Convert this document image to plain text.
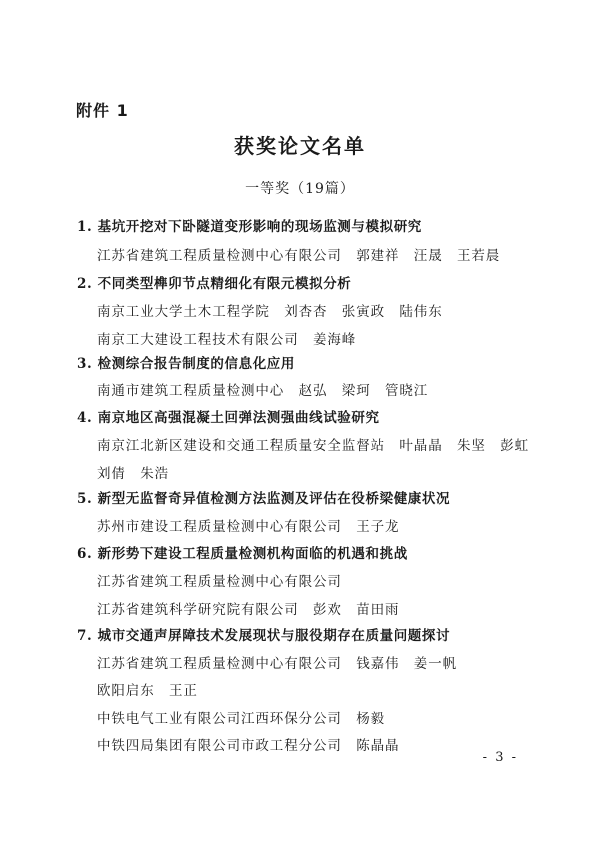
附件 1
获奖论文名单
一等奖（19篇）
1. 基坑开挖对下卧隧道变形影响的现场监测与模拟研究
江苏省建筑工程质量检测中心有限公司　郭建祥　汪晟　王若晨
2. 不同类型榫卯节点精细化有限元模拟分析
南京工业大学土木工程学院　刘杏杏　张寅政　陆伟东
南京工大建设工程技术有限公司　姜海峰
3. 检测综合报告制度的信息化应用
南通市建筑工程质量检测中心　赵弘　梁珂　管晓江
4. 南京地区高强混凝土回弹法测强曲线试验研究
南京江北新区建设和交通工程质量安全监督站　叶晶晶　朱坚　彭虹
刘倩　朱浩
5. 新型无监督奇异值检测方法监测及评估在役桥梁健康状况
苏州市建设工程质量检测中心有限公司　王子龙
6. 新形势下建设工程质量检测机构面临的机遇和挑战
江苏省建筑工程质量检测中心有限公司
江苏省建筑科学研究院有限公司　彭欢　苗田雨
7. 城市交通声屏障技术发展现状与服役期存在质量问题探讨
江苏省建筑工程质量检测中心有限公司　钱嘉伟　姜一帆
欧阳启东　王正
中铁电气工业有限公司江西环保分公司　杨毅
中铁四局集团有限公司市政工程分公司　陈晶晶
- 3 -
